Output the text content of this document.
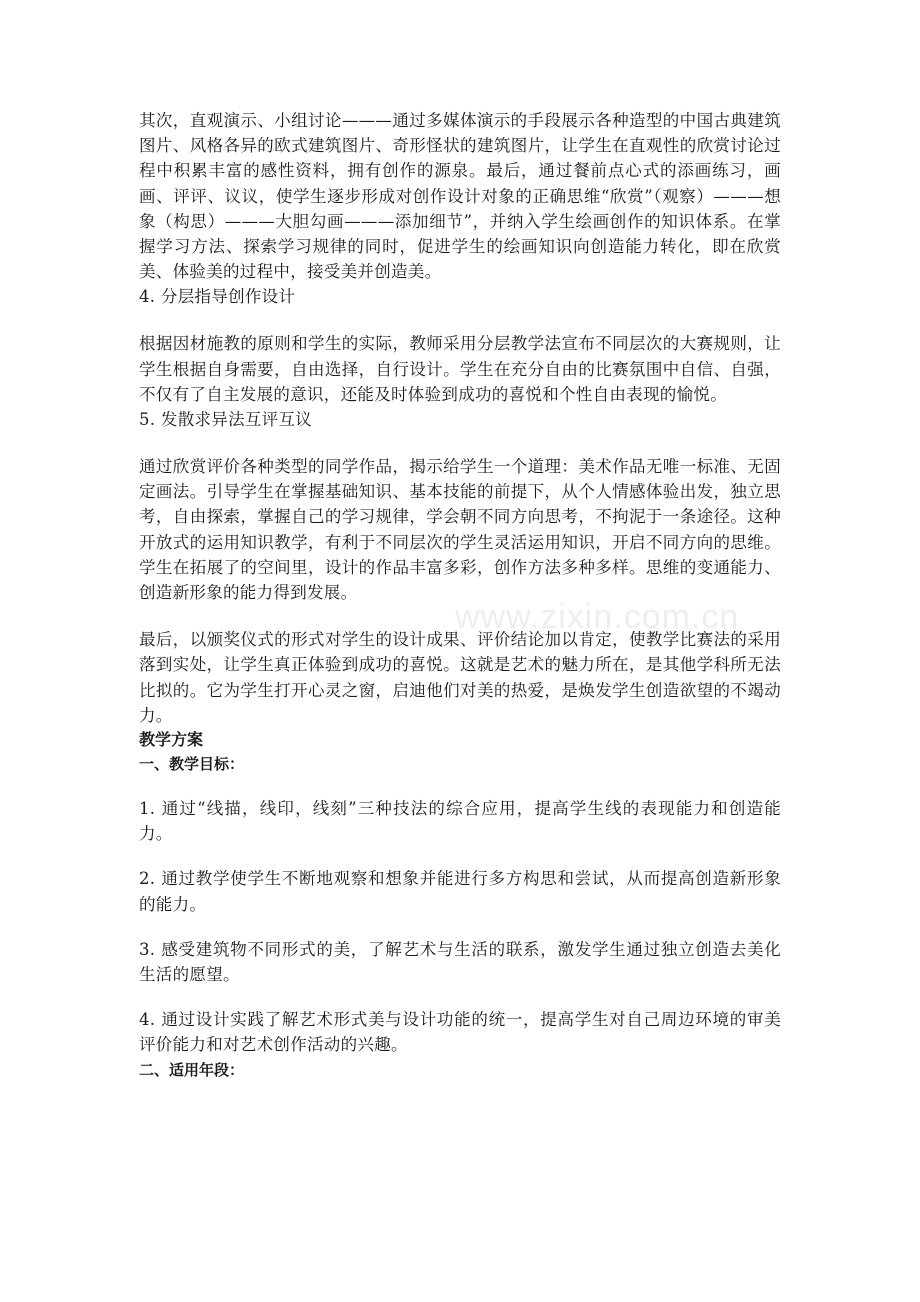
www.zixin.com.cn

其次，直观演示、小组讨论———通过多媒体演示的手段展示各种造型的中国古典建筑图片、风格各异的欧式建筑图片、奇形怪状的建筑图片，让学生在直观性的欣赏讨论过程中积累丰富的感性资料，拥有创作的源泉。最后，通过餐前点心式的添画练习，画画、评评、议议，使学生逐步形成对创作设计对象的正确思维“欣赏”（观察）———想象（构思）———大胆勾画———添加细节”，并纳入学生绘画创作的知识体系。在掌握学习方法、探索学习规律的同时，促进学生的绘画知识向创造能力转化，即在欣赏美、体验美的过程中，接受美并创造美。

4. 分层指导创作设计

根据因材施教的原则和学生的实际，教师采用分层教学法宣布不同层次的大赛规则，让学生根据自身需要，自由选择，自行设计。学生在充分自由的比赛氛围中自信、自强，不仅有了自主发展的意识，还能及时体验到成功的喜悦和个性自由表现的愉悦。

5. 发散求异法互评互议

通过欣赏评价各种类型的同学作品，揭示给学生一个道理：美术作品无唯一标准、无固定画法。引导学生在掌握基础知识、基本技能的前提下，从个人情感体验出发，独立思考，自由探索，掌握自己的学习规律，学会朝不同方向思考，不拘泥于一条途径。这种开放式的运用知识教学，有利于不同层次的学生灵活运用知识，开启不同方向的思维。学生在拓展了的空间里，设计的作品丰富多彩，创作方法多种多样。思维的变通能力、创造新形象的能力得到发展。

最后，以颁奖仪式的形式对学生的设计成果、评价结论加以肯定，使教学比赛法的采用落到实处，让学生真正体验到成功的喜悦。这就是艺术的魅力所在，是其他学科所无法比拟的。它为学生打开心灵之窗，启迪他们对美的热爱，是焕发学生创造欲望的不竭动力。

教学方案

一、教学目标：

1. 通过“线描，线印，线刻”三种技法的综合应用，提高学生线的表现能力和创造能力。

2. 通过教学使学生不断地观察和想象并能进行多方构思和尝试，从而提高创造新形象的能力。

3. 感受建筑物不同形式的美，了解艺术与生活的联系，激发学生通过独立创造去美化生活的愿望。

4. 通过设计实践了解艺术形式美与设计功能的统一，提高学生对自己周边环境的审美评价能力和对艺术创作活动的兴趣。

二、适用年段：
